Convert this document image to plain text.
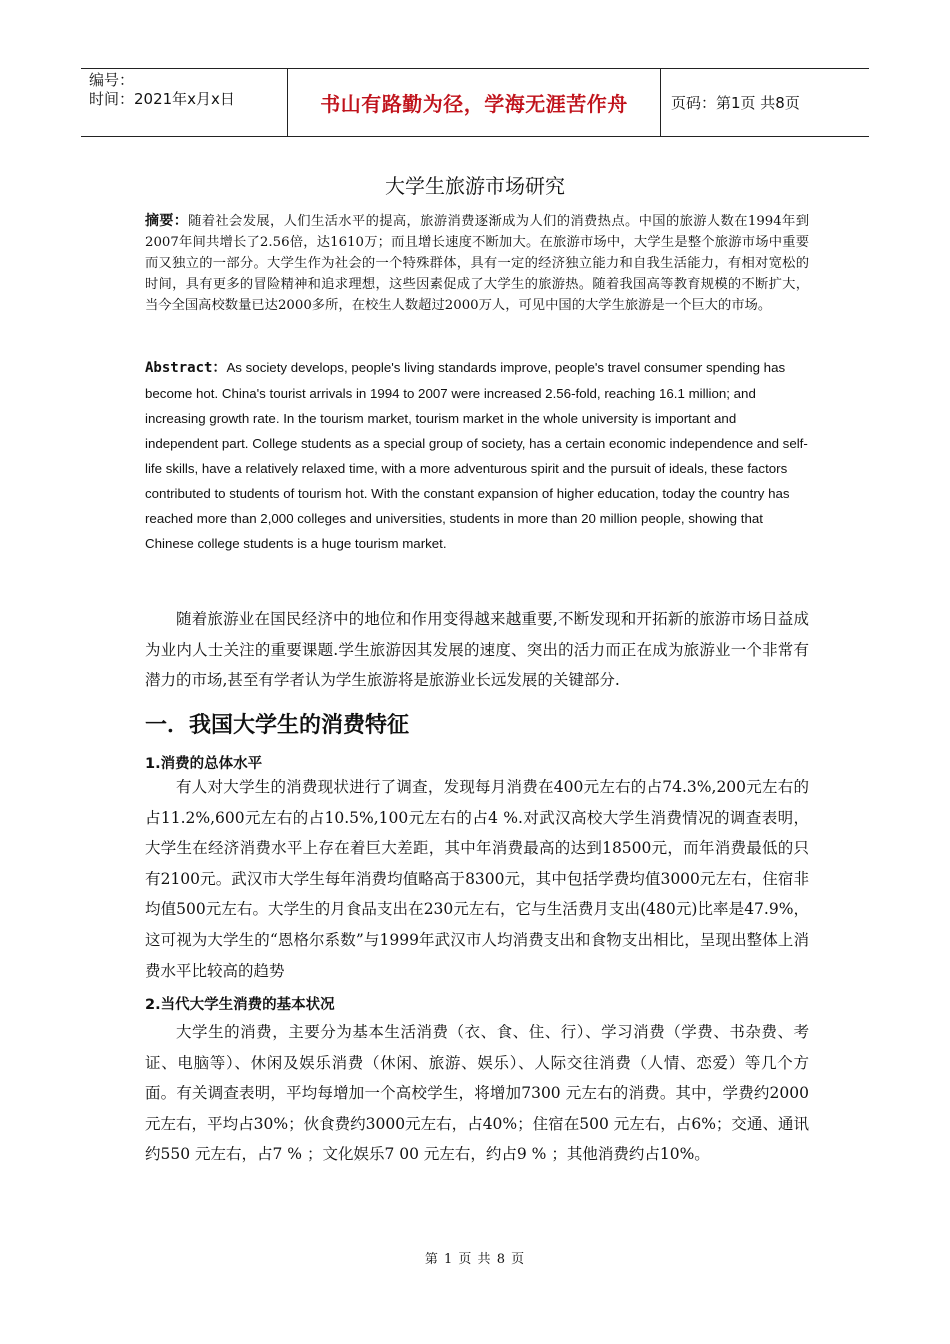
编号：
时间：2021年x月x日	书山有路勤为径，学海无涯苦作舟	页码：第1页 共8页
大学生旅游市场研究
摘要：随着社会发展，人们生活水平的提高，旅游消费逐渐成为人们的消费热点。中国的旅游人数在1994年到2007年间共增长了2.56倍，达1610万；而且增长速度不断加大。在旅游市场中，大学生是整个旅游市场中重要而又独立的一部分。大学生作为社会的一个特殊群体，具有一定的经济独立能力和自我生活能力，有相对宽松的时间，具有更多的冒险精神和追求理想，这些因素促成了大学生的旅游热。随着我国高等教育规模的不断扩大，当今全国高校数量已达2000多所，在校生人数超过2000万人，可见中国的大学生旅游是一个巨大的市场。
Abstract：As society develops, people's living standards improve, people's travel consumer spending has become hot. China's tourist arrivals in 1994 to 2007 were increased 2.56-fold, reaching 16.1 million; and increasing growth rate. In the tourism market, tourism market in the whole university is important and independent part. College students as a special group of society, has a certain economic independence and self-life skills, have a relatively relaxed time, with a more adventurous spirit and the pursuit of ideals, these factors contributed to students of tourism hot. With the constant expansion of higher education, today the country has reached more than 2,000 colleges and universities, students in more than 20 million people, showing that Chinese college students is a huge tourism market.
随着旅游业在国民经济中的地位和作用变得越来越重要,不断发现和开拓新的旅游市场日益成为业内人士关注的重要课题.学生旅游因其发展的速度、突出的活力而正在成为旅游业一个非常有潜力的市场,甚至有学者认为学生旅游将是旅游业长远发展的关键部分.
一．我国大学生的消费特征
1.消费的总体水平
有人对大学生的消费现状进行了调查，发现每月消费在400元左右的占74.3%,200元左右的占11.2%,600元左右的占10.5%,100元左右的占4 %.对武汉高校大学生消费情况的调查表明，大学生在经济消费水平上存在着巨大差距，其中年消费最高的达到18500元，而年消费最低的只有2100元。武汉市大学生每年消费均值略高于8300元，其中包括学费均值3000元左右，住宿非均值500元左右。大学生的月食品支出在230元左右，它与生活费月支出(480元)比率是47.9%，这可视为大学生的“恩格尔系数”与1999年武汉市人均消费支出和食物支出相比，呈现出整体上消费水平比较高的趋势
2.当代大学生消费的基本状况
大学生的消费，主要分为基本生活消费（衣、食、住、行）、学习消费（学费、书杂费、考证、电脑等）、休闲及娱乐消费（休闲、旅游、娱乐）、人际交往消费（人情、恋爱）等几个方面。有关调查表明，平均每增加一个高校学生，将增加7300 元左右的消费。其中，学费约2000 元左右，平均占30%；伙食费约3000元左右，占40%；住宿在500 元左右，占6%；交通、通讯约550 元左右，占7 % ；文化娱乐7 00 元左右，约占9 % ；其他消费约占10%。
第 1 页 共 8 页
